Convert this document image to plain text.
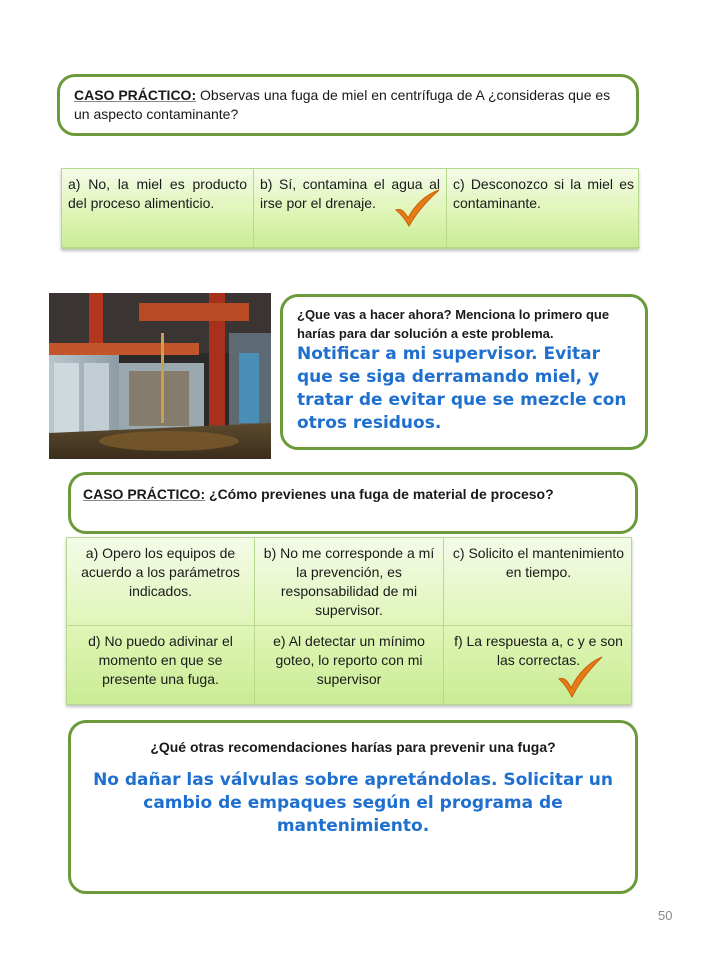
CASO PRÁCTICO: Observas una fuga de miel en centrífuga de A ¿consideras que es un aspecto contaminante?
a) No, la miel es producto del proceso alimenticio.
b) Sí, contamina el agua al irse por el drenaje.
c) Desconozco si la miel es contaminante.
¿Que vas a hacer ahora? Menciona lo primero que harías para dar solución a este problema.
Notificar a mi supervisor. Evitar que se siga derramando miel, y tratar de evitar que se mezcle con otros residuos.
CASO PRÁCTICO: ¿Cómo previenes una fuga de material de proceso?
a) Opero los equipos de acuerdo a los parámetros indicados.
b) No me corresponde a mí la prevención, es responsabilidad de mi supervisor.
c) Solicito el mantenimiento en tiempo.
d) No puedo adivinar el momento en que se presente una fuga.
e) Al detectar un mínimo goteo, lo reporto con mi supervisor
f) La respuesta a, c y e son las correctas.
¿Qué otras recomendaciones harías para prevenir una fuga?
No dañar las válvulas sobre apretándolas. Solicitar un cambio de empaques según el programa de mantenimiento.
50
